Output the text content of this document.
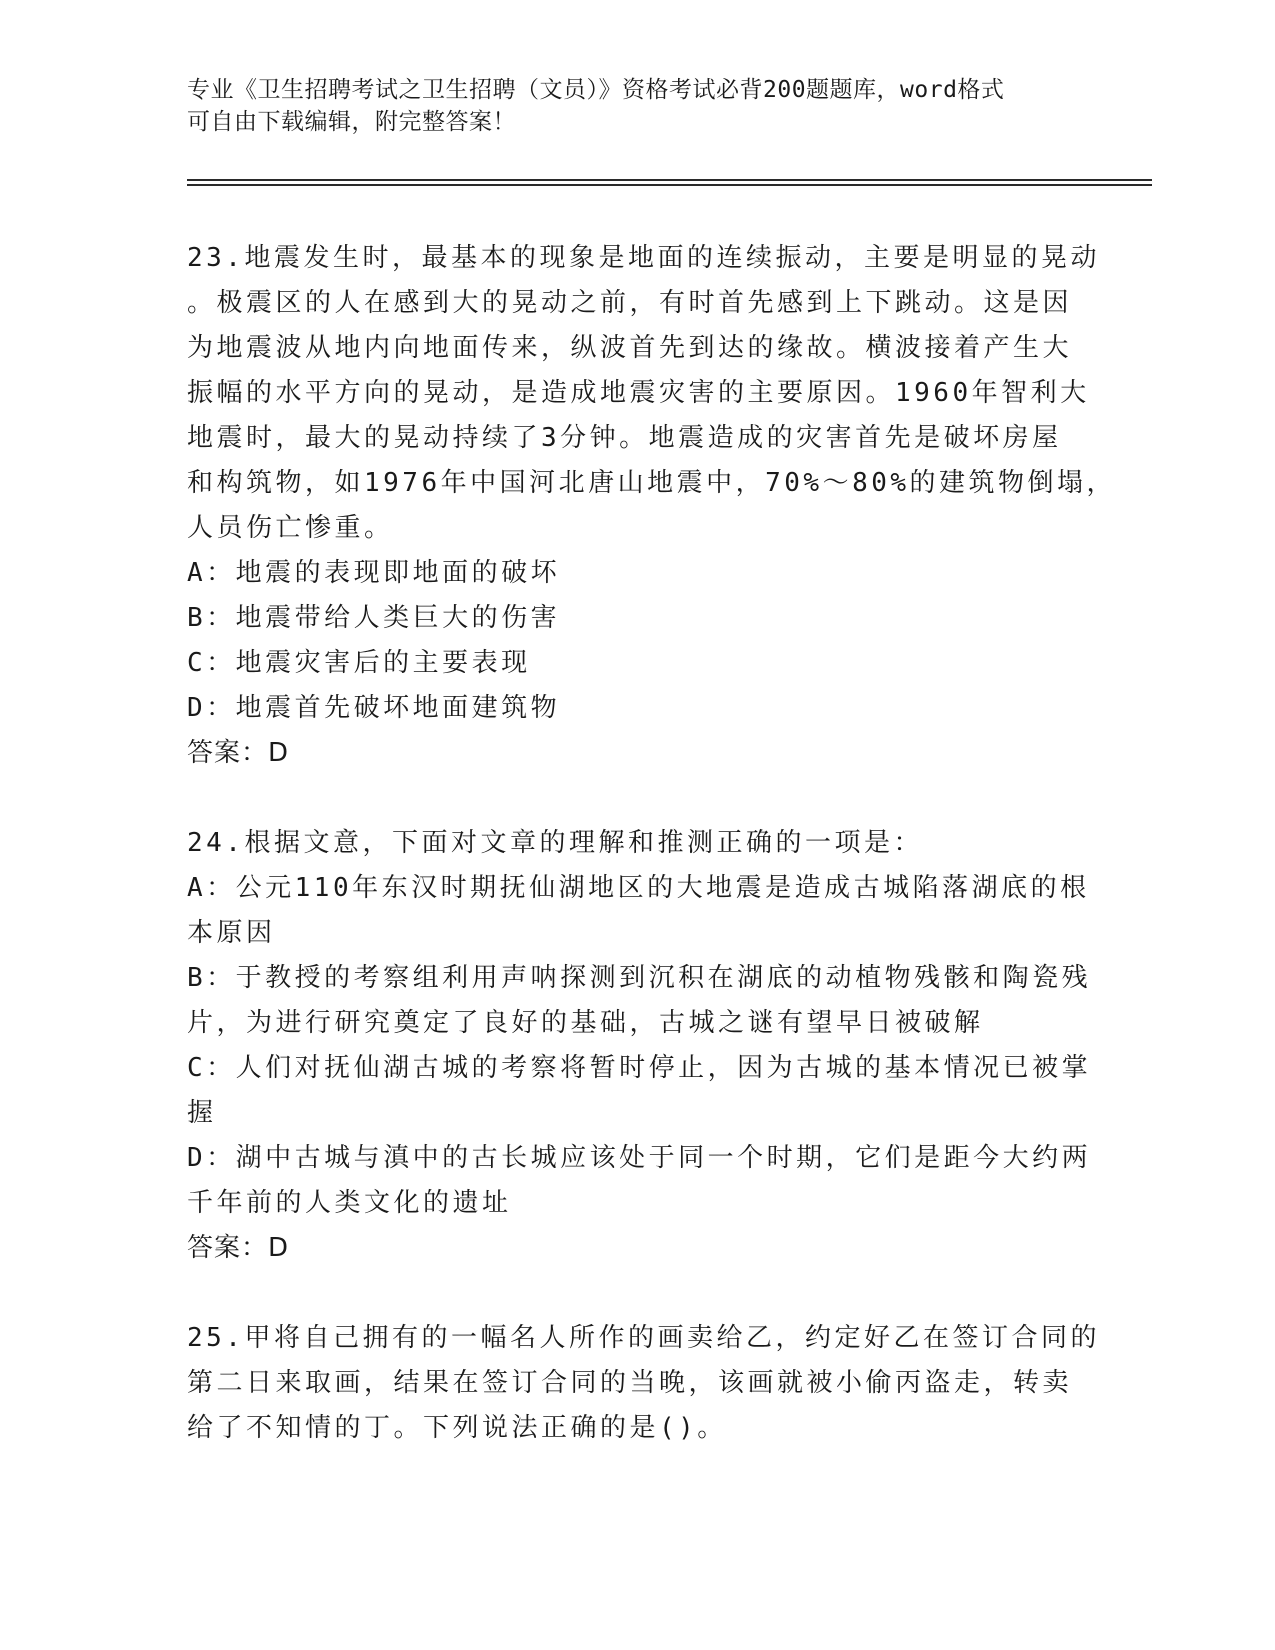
专业《卫生招聘考试之卫生招聘（文员）》资格考试必背200题题库，word格式
可自由下载编辑，附完整答案！
23.地震发生时，最基本的现象是地面的连续振动，主要是明显的晃动
。极震区的人在感到大的晃动之前，有时首先感到上下跳动。这是因
为地震波从地内向地面传来，纵波首先到达的缘故。横波接着产生大
振幅的水平方向的晃动，是造成地震灾害的主要原因。1960年智利大
地震时，最大的晃动持续了3分钟。地震造成的灾害首先是破坏房屋
和构筑物，如1976年中国河北唐山地震中，70%～80%的建筑物倒塌，
人员伤亡惨重。
A：地震的表现即地面的破坏
B：地震带给人类巨大的伤害
C：地震灾害后的主要表现
D：地震首先破坏地面建筑物
答案：D
24.根据文意，下面对文章的理解和推测正确的一项是：
A：公元110年东汉时期抚仙湖地区的大地震是造成古城陷落湖底的根
本原因
B：于教授的考察组利用声呐探测到沉积在湖底的动植物残骸和陶瓷残
片，为进行研究奠定了良好的基础，古城之谜有望早日被破解
C：人们对抚仙湖古城的考察将暂时停止，因为古城的基本情况已被掌
握
D：湖中古城与滇中的古长城应该处于同一个时期，它们是距今大约两
千年前的人类文化的遗址
答案：D
25.甲将自己拥有的一幅名人所作的画卖给乙，约定好乙在签订合同的
第二日来取画，结果在签订合同的当晚，该画就被小偷丙盗走，转卖
给了不知情的丁。下列说法正确的是()。
